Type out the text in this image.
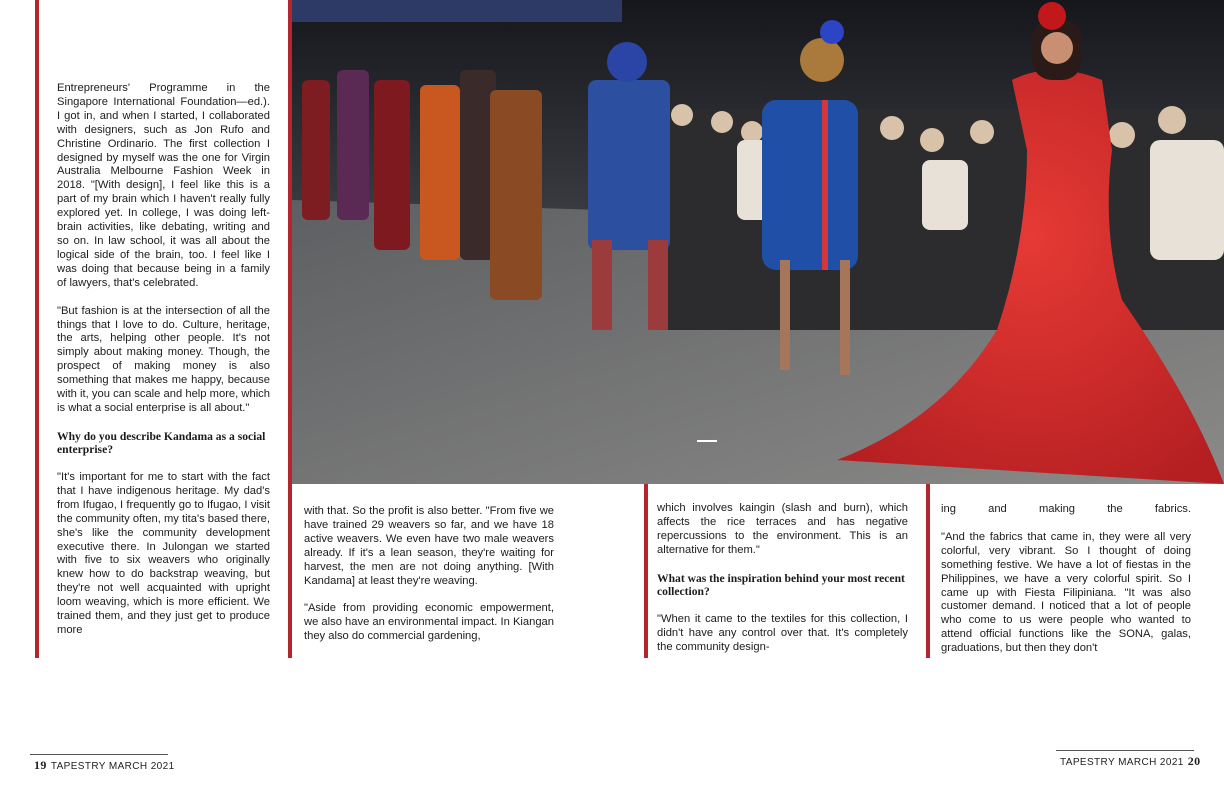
Entrepreneurs' Programme in the Singapore International Foundation—ed.). I got in, and when I started, I collaborated with designers, such as Jon Rufo and Christine Ordinario. The first collection I designed by myself was the one for Virgin Australia Melbourne Fashion Week in 2018. "[With design], I feel like this is a part of my brain which I haven't really fully explored yet. In college, I was doing left-brain activities, like debating, writing and so on. In law school, it was all about the logical side of the brain, too. I feel like I was doing that because being in a family of lawyers, that's celebrated.

"But fashion is at the intersection of all the things that I love to do. Culture, heritage, the arts, helping other people. It's not simply about making money. Though, the prospect of making money is also something that makes me happy, because with it, you can scale and help more, which is what a social enterprise is all about."

Why do you describe Kandama as a social enterprise?

"It's important for me to start with the fact that I have indigenous heritage. My dad's from Ifugao, I frequently go to Ifugao, I visit the community often, my tita's based there, she's like the community development executive there. In Julongan we started with five to six weavers who originally knew how to do backstrap weaving, but they're not well acquainted with upright loom weaving, which is more efficient. We trained them, and they just get to produce more

with that. So the profit is also better. "From five we have trained 29 weavers so far, and we have 18 active weavers. We even have two male weavers already. If it's a lean season, they're waiting for harvest, the men are not doing anything. [With Kandama] at least they're weaving.

"Aside from providing economic empowerment, we also have an environmental impact. In Kiangan they also do commercial gardening,

which involves kaingin (slash and burn), which affects the rice terraces and has negative repercussions to the environment. This is an alternative for them."

What was the inspiration behind your most recent collection?

"When it came to the textiles for this collection, I didn't have any control over that. It's completely the community design-

ing and making the fabrics.

"And the fabrics that came in, they were all very colorful, very vibrant. So I thought of doing something festive. We have a lot of fiestas in the Philippines, we have a very colorful spirit. So I came up with Fiesta Filipiniana. "It was also customer demand. I noticed that a lot of people who come to us were people who wanted to attend official functions like the SONA, galas, graduations, but then they don't

19 TAPESTRY MARCH 2021	TAPESTRY MARCH 2021 20
